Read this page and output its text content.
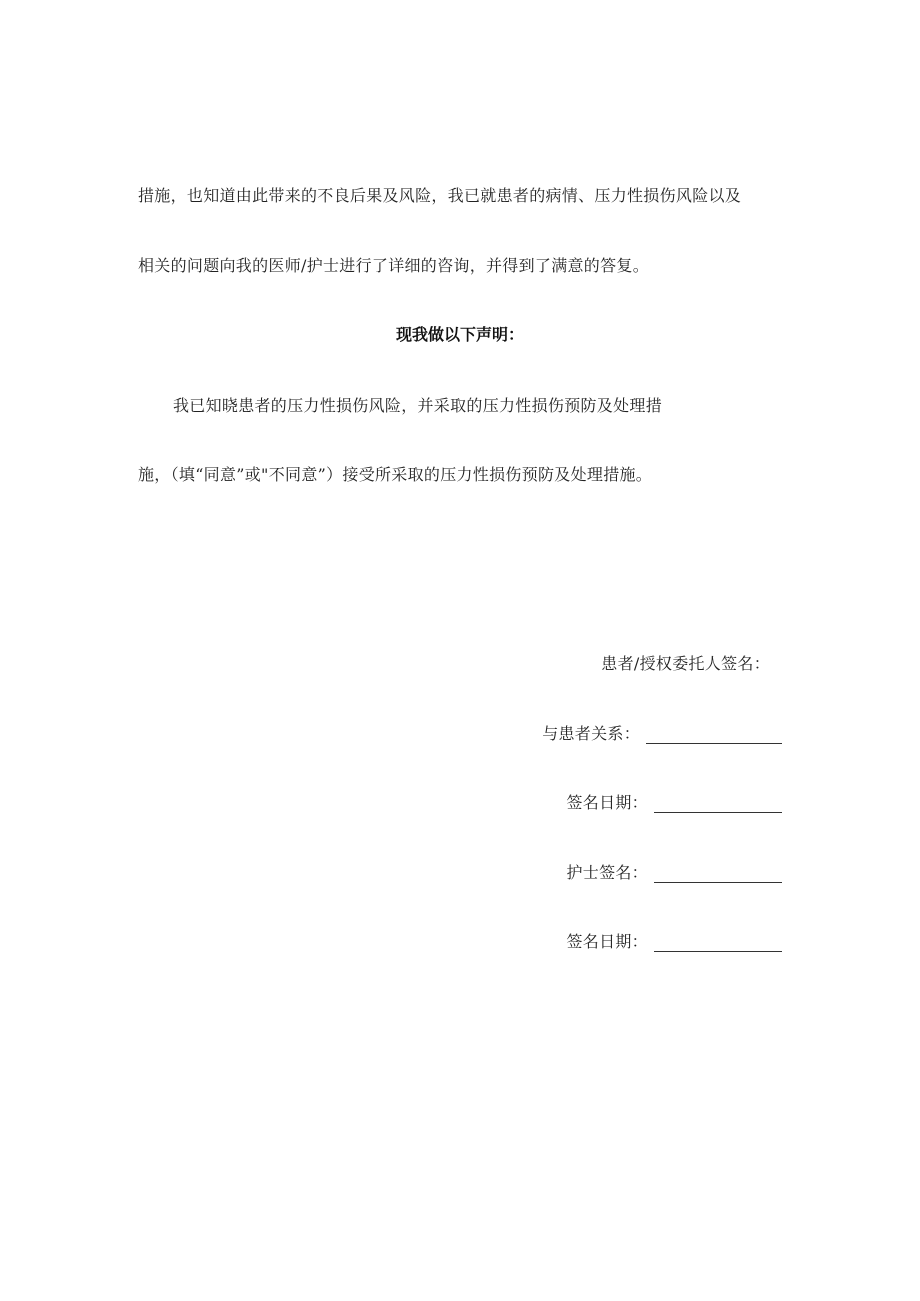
措施，也知道由此带来的不良后果及风险，我已就患者的病情、压力性损伤风险以及
相关的问题向我的医师/护士进行了详细的咨询，并得到了满意的答复。
现我做以下声明：
我已知晓患者的压力性损伤风险，并采取的压力性损伤预防及处理措
施，（填“同意”或"不同意”）接受所采取的压力性损伤预防及处理措施。
患者/授权委托人签名：
与患者关系：
签名日期：
护士签名：
签名日期：
